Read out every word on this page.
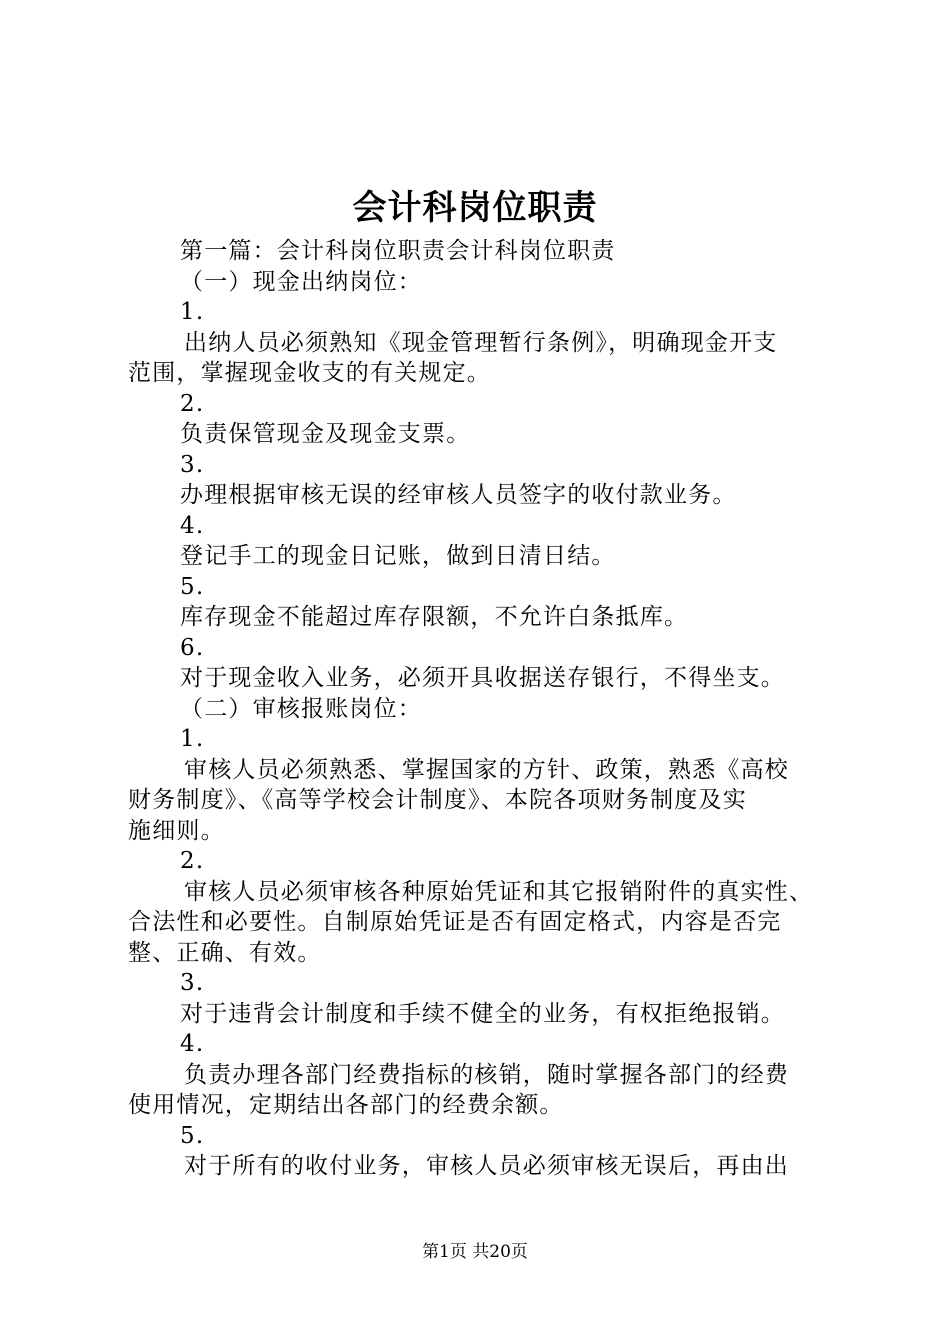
会计科岗位职责
第一篇：会计科岗位职责会计科岗位职责
（一）现金出纳岗位：
1.
出纳人员必须熟知《现金管理暂行条例》，明确现金开支
范围，掌握现金收支的有关规定。
2.
负责保管现金及现金支票。
3.
办理根据审核无误的经审核人员签字的收付款业务。
4.
登记手工的现金日记账，做到日清日结。
5.
库存现金不能超过库存限额，不允许白条抵库。
6.
对于现金收入业务，必须开具收据送存银行，不得坐支。
（二）审核报账岗位：
1.
审核人员必须熟悉、掌握国家的方针、政策，熟悉《高校
财务制度》、《高等学校会计制度》、本院各项财务制度及实
施细则。
2.
审核人员必须审核各种原始凭证和其它报销附件的真实性、
合法性和必要性。自制原始凭证是否有固定格式，内容是否完
整、正确、有效。
3.
对于违背会计制度和手续不健全的业务，有权拒绝报销。
4.
负责办理各部门经费指标的核销，随时掌握各部门的经费
使用情况，定期结出各部门的经费余额。
5.
对于所有的收付业务，审核人员必须审核无误后，再由出
第1页 共20页
